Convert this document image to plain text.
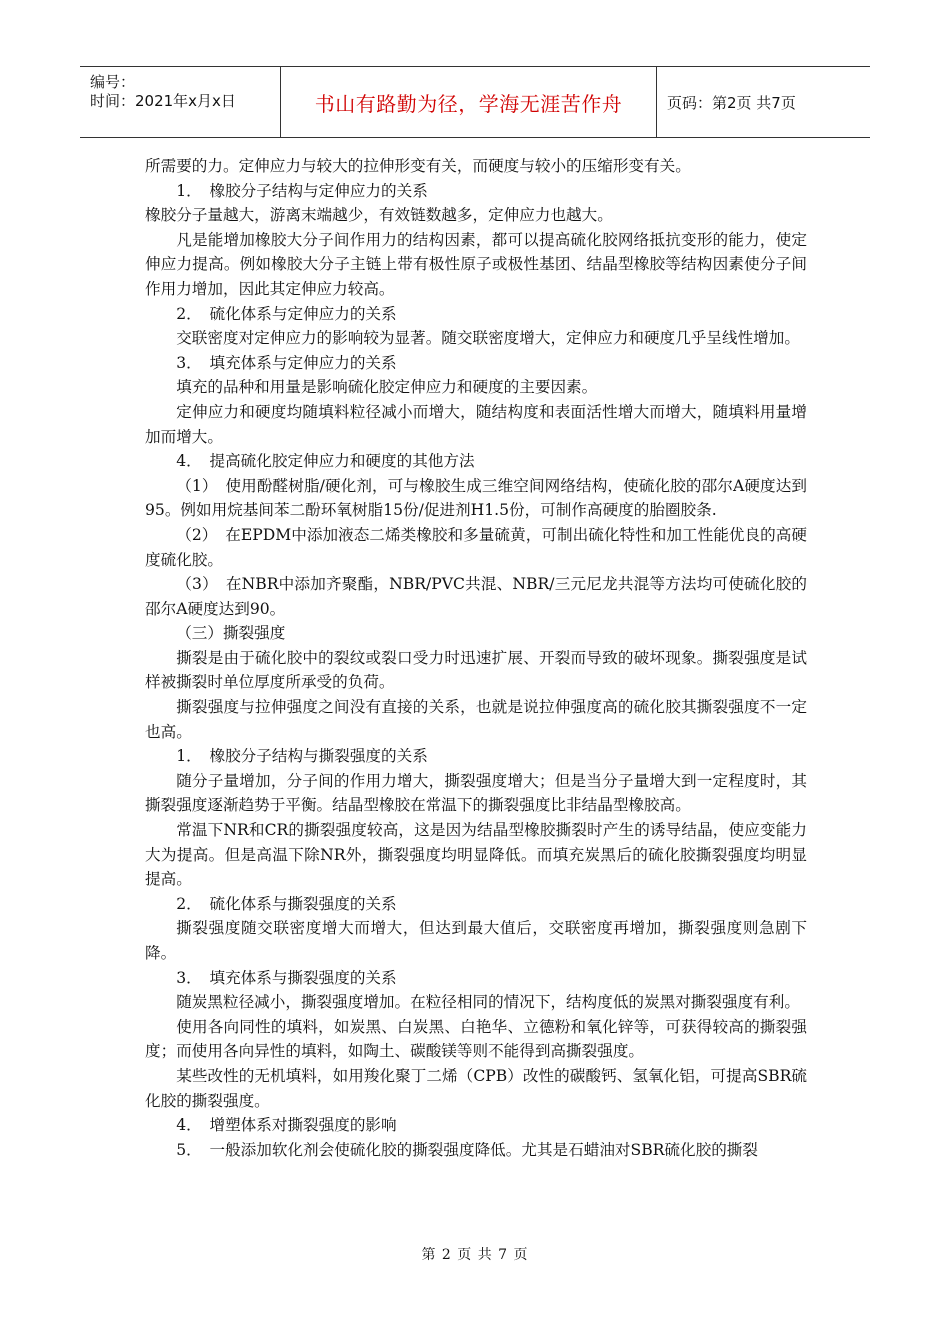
编号：
时间：2021年x月x日	书山有路勤为径，学海无涯苦作舟	页码：第2页 共7页

所需要的力。定伸应力与较大的拉伸形变有关，而硬度与较小的压缩形变有关。

1．　橡胶分子结构与定伸应力的关系

橡胶分子量越大，游离末端越少，有效链数越多，定伸应力也越大。

凡是能增加橡胶大分子间作用力的结构因素，都可以提高硫化胶网络抵抗变形的能力，使定伸应力提高。例如橡胶大分子主链上带有极性原子或极性基团、结晶型橡胶等结构因素使分子间作用力增加，因此其定伸应力较高。

2．　硫化体系与定伸应力的关系

交联密度对定伸应力的影响较为显著。随交联密度增大，定伸应力和硬度几乎呈线性增加。

3．　填充体系与定伸应力的关系

填充的品种和用量是影响硫化胶定伸应力和硬度的主要因素。

定伸应力和硬度均随填料粒径减小而增大，随结构度和表面活性增大而增大，随填料用量增加而增大。

4．　提高硫化胶定伸应力和硬度的其他方法

（1）　使用酚醛树脂/硬化剂，可与橡胶生成三维空间网络结构，使硫化胶的邵尔A硬度达到95。例如用烷基间苯二酚环氧树脂15份/促进剂H1.5份，可制作高硬度的胎圈胶条.

（2）　在EPDM中添加液态二烯类橡胶和多量硫黄，可制出硫化特性和加工性能优良的高硬度硫化胶。

（3）　在NBR中添加齐聚酯，NBR/PVC共混、NBR/三元尼龙共混等方法均可使硫化胶的邵尔A硬度达到90。

（三）撕裂强度

撕裂是由于硫化胶中的裂纹或裂口受力时迅速扩展、开裂而导致的破坏现象。撕裂强度是试样被撕裂时单位厚度所承受的负荷。

撕裂强度与拉伸强度之间没有直接的关系，也就是说拉伸强度高的硫化胶其撕裂强度不一定也高。

1．　橡胶分子结构与撕裂强度的关系

随分子量增加，分子间的作用力增大，撕裂强度增大；但是当分子量增大到一定程度时，其撕裂强度逐渐趋势于平衡。结晶型橡胶在常温下的撕裂强度比非结晶型橡胶高。

常温下NR和CR的撕裂强度较高，这是因为结晶型橡胶撕裂时产生的诱导结晶，使应变能力大为提高。但是高温下除NR外，撕裂强度均明显降低。而填充炭黑后的硫化胶撕裂强度均明显提高。

2．　硫化体系与撕裂强度的关系

撕裂强度随交联密度增大而增大，但达到最大值后，交联密度再增加，撕裂强度则急剧下降。

3．　填充体系与撕裂强度的关系

随炭黑粒径减小，撕裂强度增加。在粒径相同的情况下，结构度低的炭黑对撕裂强度有利。

使用各向同性的填料，如炭黑、白炭黑、白艳华、立德粉和氧化锌等，可获得较高的撕裂强度；而使用各向异性的填料，如陶土、碳酸镁等则不能得到高撕裂强度。

某些改性的无机填料，如用羧化聚丁二烯（CPB）改性的碳酸钙、氢氧化铝，可提高SBR硫化胶的撕裂强度。

4．　增塑体系对撕裂强度的影响

5．　一般添加软化剂会使硫化胶的撕裂强度降低。尤其是石蜡油对SBR硫化胶的撕裂

第 2 页 共 7 页
